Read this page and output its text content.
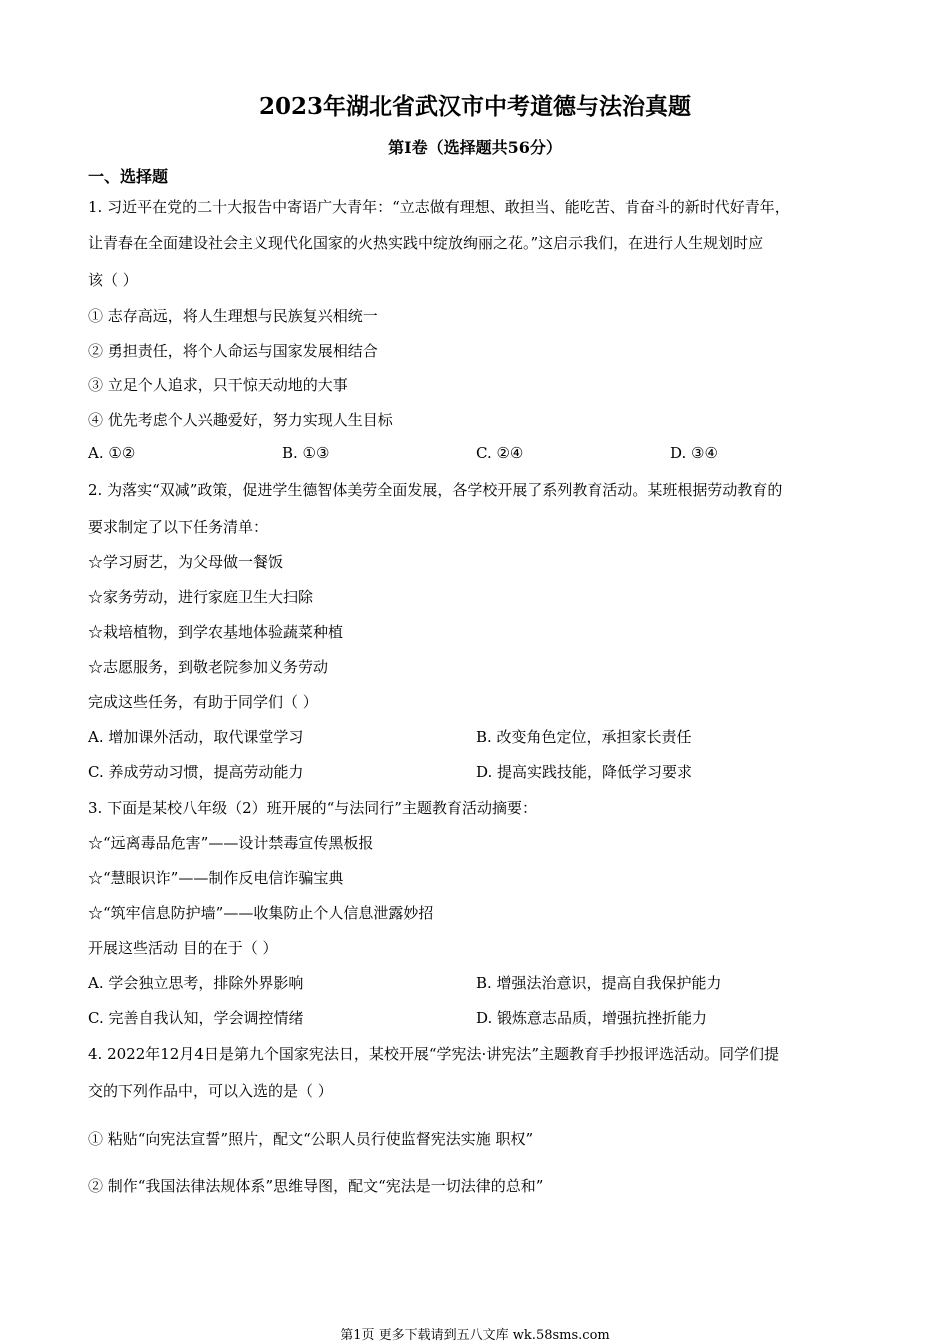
2023年湖北省武汉市中考道德与法治真题
第I卷（选择题共56分）
一、选择题
1. 习近平在党的二十大报告中寄语广大青年：“立志做有理想、敢担当、能吃苦、肯奋斗的新时代好青年，
让青春在全面建设社会主义现代化国家的火热实践中绽放绚丽之花。”这启示我们，在进行人生规划时应
该（ ）
① 志存高远，将人生理想与民族复兴相统一
② 勇担责任，将个人命运与国家发展相结合
③ 立足个人追求，只干惊天动地的大事
④ 优先考虑个人兴趣爱好，努力实现人生目标
A. ①②	B. ①③	C. ②④	D. ③④
2. 为落实“双减”政策，促进学生德智体美劳全面发展，各学校开展了系列教育活动。某班根据劳动教育的
要求制定了以下任务清单：
☆学习厨艺，为父母做一餐饭
☆家务劳动，进行家庭卫生大扫除
☆栽培植物，到学农基地体验蔬菜种植
☆志愿服务，到敬老院参加义务劳动
完成这些任务，有助于同学们（ ）
A. 增加课外活动，取代课堂学习	B. 改变角色定位，承担家长责任
C. 养成劳动习惯，提高劳动能力	D. 提高实践技能，降低学习要求
3. 下面是某校八年级（2）班开展的“与法同行”主题教育活动摘要：
☆“远离毒品危害”——设计禁毒宣传黑板报
☆“慧眼识诈”——制作反电信诈骗宝典
☆“筑牢信息防护墙”——收集防止个人信息泄露妙招
开展这些活动 目的在于（ ）
A. 学会独立思考，排除外界影响	B. 增强法治意识，提高自我保护能力
C. 完善自我认知，学会调控情绪	D. 锻炼意志品质，增强抗挫折能力
4. 2022年12月4日是第九个国家宪法日，某校开展“学宪法·讲宪法”主题教育手抄报评选活动。同学们提
交的下列作品中，可以入选的是（ ）
① 粘贴“向宪法宣誓”照片，配文“公职人员行使监督宪法实施 职权”
② 制作“我国法律法规体系”思维导图，配文“宪法是一切法律的总和”
第1页 更多下载请到五八文库 wk.58sms.com
